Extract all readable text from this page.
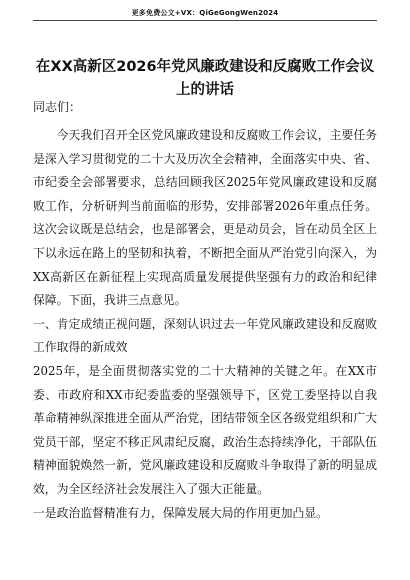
更多免费公文+VX：QiGeGongWen2024
在XX高新区2026年党风廉政建设和反腐败工作会议
上的讲话
同志们：

今天我们召开全区党风廉政建设和反腐败工作会议，主要任务是深入学习贯彻党的二十大及历次全会精神，全面落实中央、省、市纪委全会部署要求，总结回顾我区2025年党风廉政建设和反腐败工作，分析研判当前面临的形势，安排部署2026年重点任务。这次会议既是总结会，也是部署会，更是动员会，旨在动员全区上下以永远在路上的坚韧和执着，不断把全面从严治党引向深入，为XX高新区在新征程上实现高质量发展提供坚强有力的政治和纪律保障。下面，我讲三点意见。

一、肯定成绩正视问题，深刻认识过去一年党风廉政建设和反腐败工作取得的新成效

2025年，是全面贯彻落实党的二十大精神的关键之年。在XX市委、市政府和XX市纪委监委的坚强领导下，区党工委坚持以自我革命精神纵深推进全面从严治党，团结带领全区各级党组织和广大党员干部，坚定不移正风肃纪反腐，政治生态持续净化，干部队伍精神面貌焕然一新，党风廉政建设和反腐败斗争取得了新的明显成效，为全区经济社会发展注入了强大正能量。

一是政治监督精准有力，保障发展大局的作用更加凸显。
